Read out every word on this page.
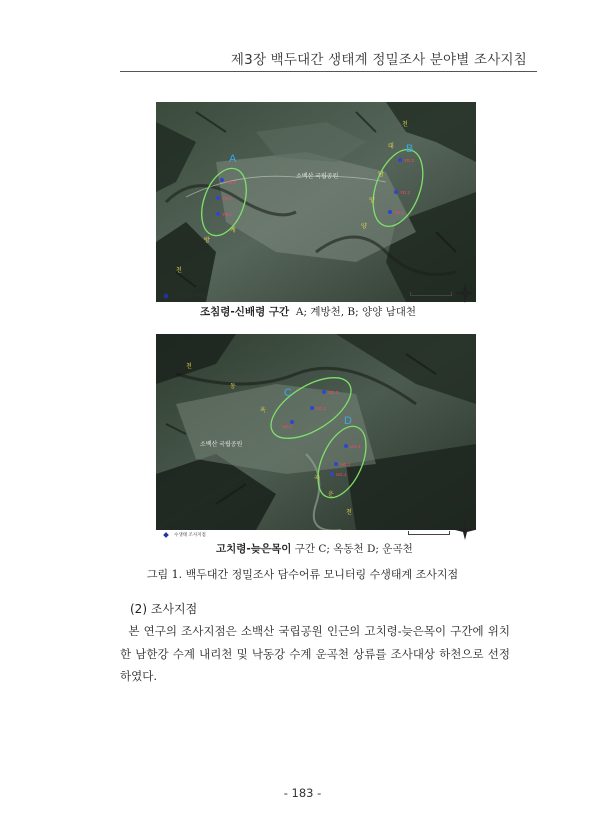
제3장 백두대간 생태계 정밀조사 분야별 조사지침
소백산 국립공원
A
YB.3
YB.2
YB.1
계
방
천
B
YD.3
YD.2
YD.1
천
대
남
양
양
수생태 조사지점
조침령-신배령 구간 A; 계방천, B; 양양 남대천
소백산 국립공원
C	UD.3
UD.2
UD.1
천
동
옥
D
UG.3
UG.2
UG.1
곡
운
천
수생태 조사지점
고치령-늦은목이 구간 C; 옥동천 D; 운곡천
그림 1. 백두대간 정밀조사 담수어류 모니터링 수생태계 조사지점
(2) 조사지점
본 연구의 조사지점은 소백산 국립공원 인근의 고치령-늦은목이 구간에 위치한 남한강 수계 내리천 및 낙동강 수계 운곡천 상류를 조사대상 하천으로 선정하였다.
- 183 -
